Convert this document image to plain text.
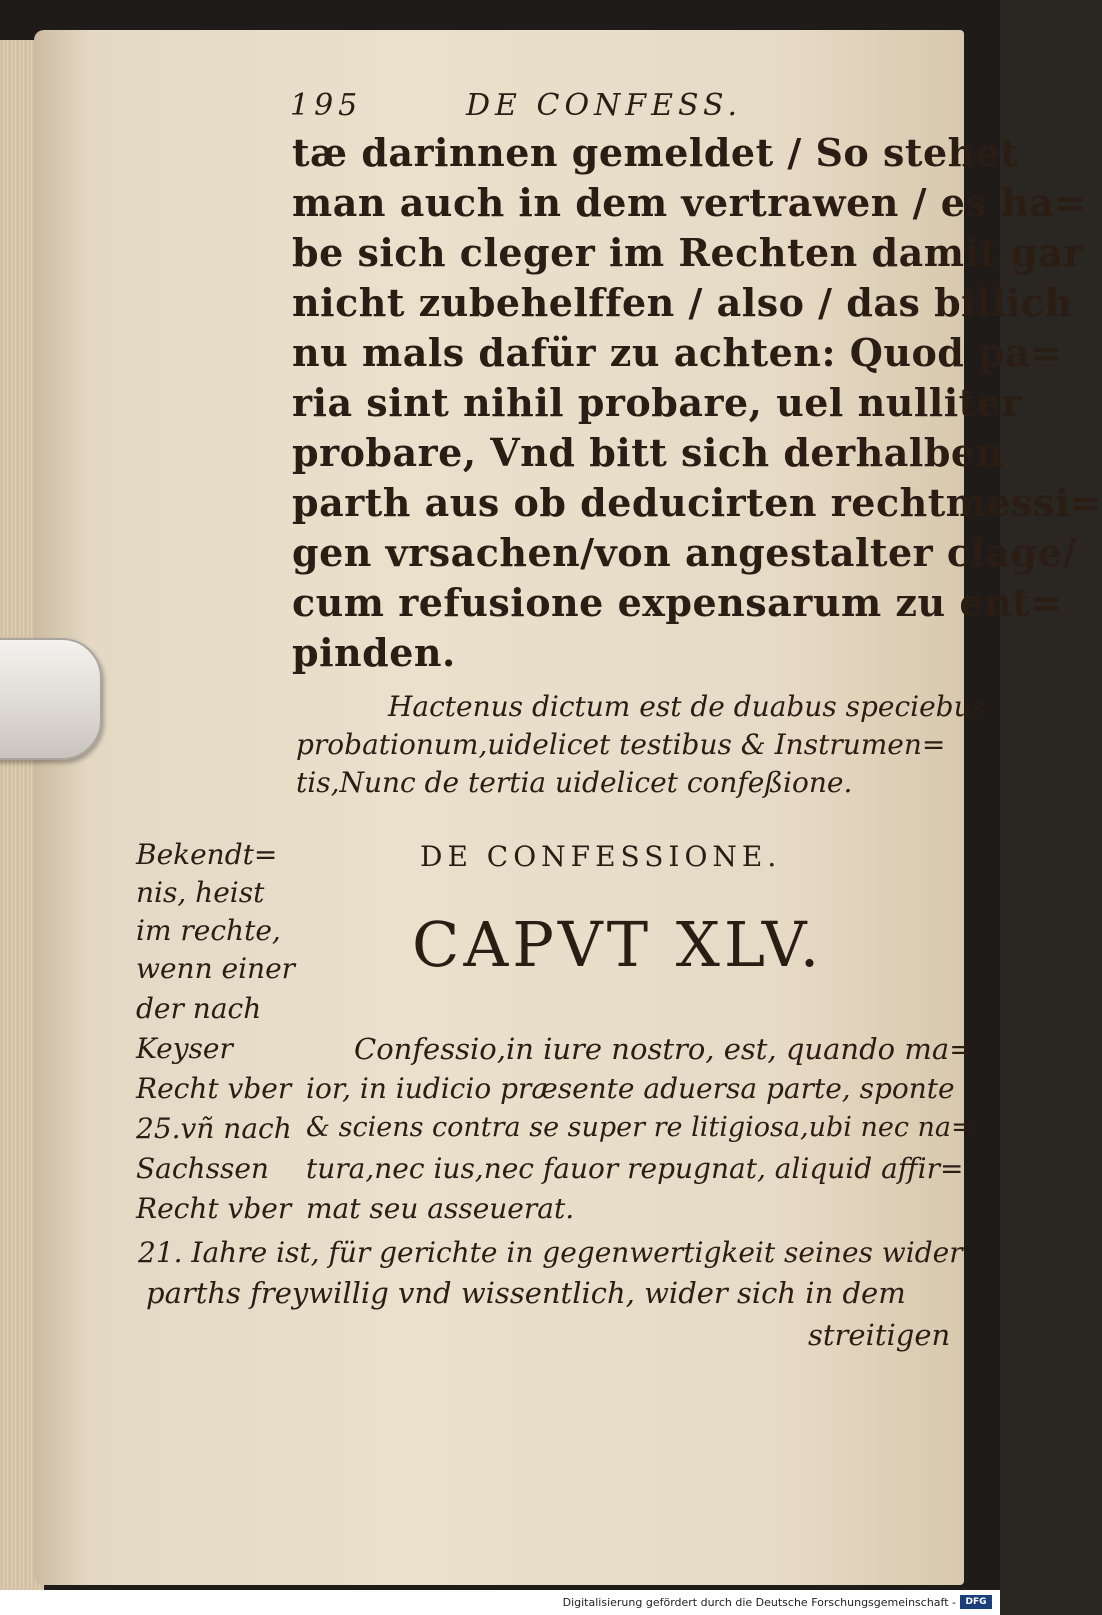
195	DE CONFESS.
tæ darinnen gemeldet / So stehet
man auch in dem vertrawen / es ha=
be sich cleger im Rechten damit gar
nicht zubehelffen / also / das billich
nu mals dafür zu achten: Quod pa=
ria sint nihil probare, uel nulliter
probare, Vnd bitt sich derhalben
parth aus ob deducirten rechtmessi=
gen vrsachen/von angestalter clage/
cum refusione expensarum zu ent=
pinden.
Hactenus dictum est de duabus speciebus
probationum,uidelicet testibus & Instrumen=
tis,Nunc de tertia uidelicet confeßione.
DE CONFESSIONE.
CAPVT XLV.
Bekendt=
nis, heist
im rechte,
wenn einer
der nach
Keyser
Recht vber
25.vñ nach
Sachssen
Recht vber
Confessio,in iure nostro, est, quando ma=
ior, in iudicio præsente aduersa parte, sponte
& sciens contra se super re litigiosa,ubi nec na=
tura,nec ius,nec fauor repugnat, aliquid affir=
mat seu asseuerat.
21. Iahre ist, für gerichte in gegenwertigkeit seines wider
parths freywillig vnd wissentlich, wider sich in dem
streitigen
Digitalisierung gefördert durch die Deutsche Forschungsgemeinschaft -	DFG
